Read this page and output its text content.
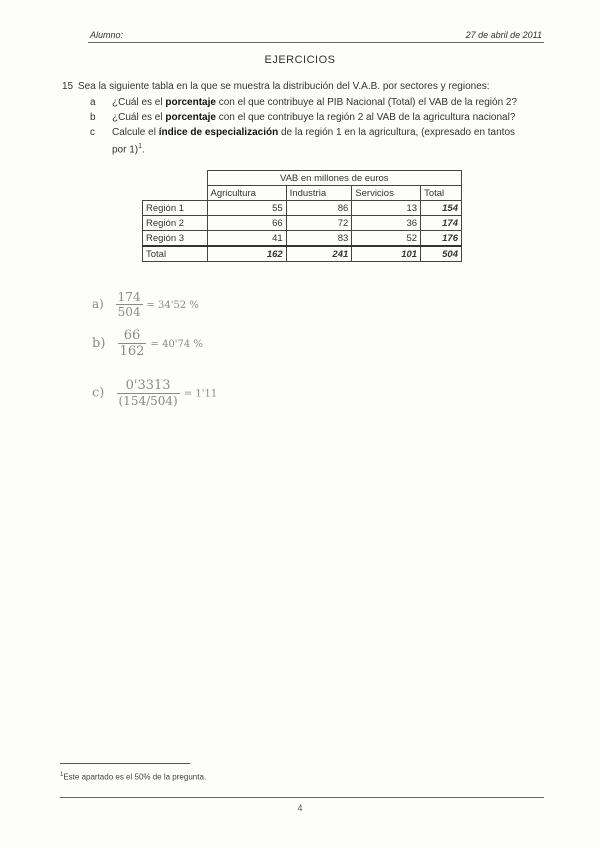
Alumno:	27 de abril de 2011
EJERCICIOS
15 Sea la siguiente tabla en la que se muestra la distribución del V.A.B. por sectores y regiones:
a ¿Cuál es el porcentaje con el que contribuye al PIB Nacional (Total) el VAB de la región 2?
b ¿Cuál es el porcentaje con el que contribuye la región 2 al VAB de la agricultura nacional?
c Calcule el índice de especialización de la región 1 en la agricultura, (expresado en tantos por 1)$^1$.
	VAB en millones de euros			
	Agricultura	Industria	Servicios	Total
Región 1	55	86	13	154
Región 2	66	72	36	174
Región 3	41	83	52	176
Total	162	241	101	504
$a) \frac{174}{504} = 34'52$ %
$b) \frac{66}{162} = 40'74$ %
$c) \frac{0'3313}{(154/504)} = 1'11$
$^1$Este apartado es el 50% de la pregunta.
4
